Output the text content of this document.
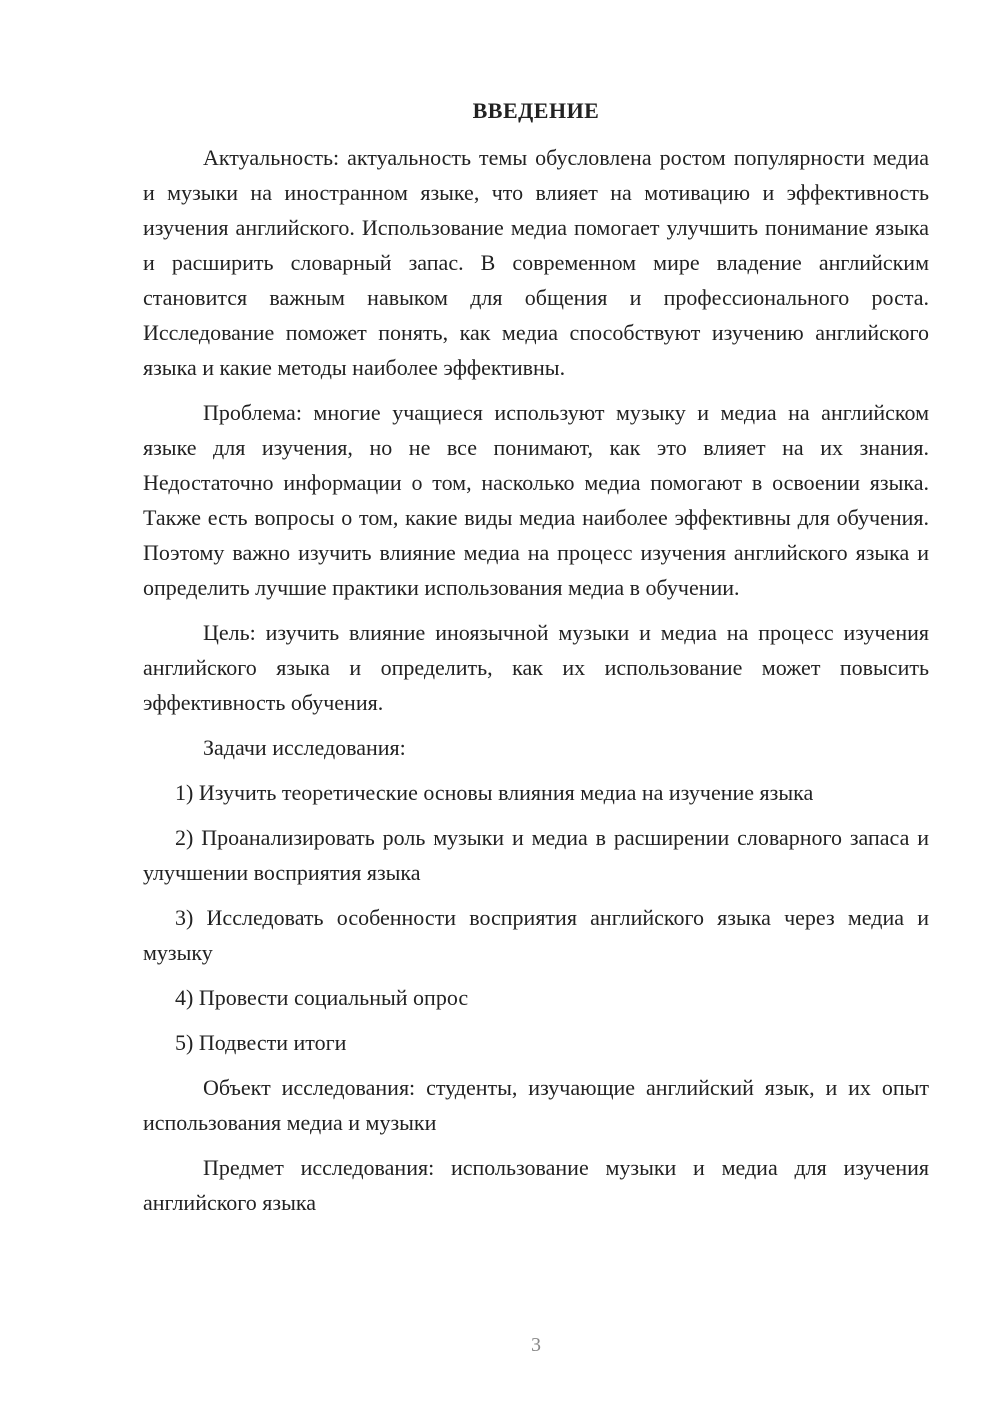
ВВЕДЕНИЕ

Актуальность: актуальность темы обусловлена ростом популярности медиа и музыки на иностранном языке, что влияет на мотивацию и эффективность изучения английского. Использование медиа помогает улучшить понимание языка и расширить словарный запас. В современном мире владение английским становится важным навыком для общения и профессионального роста. Исследование поможет понять, как медиа способствуют изучению английского языка и какие методы наиболее эффективны.

Проблема: многие учащиеся используют музыку и медиа на английском языке для изучения, но не все понимают, как это влияет на их знания. Недостаточно информации о том, насколько медиа помогают в освоении языка. Также есть вопросы о том, какие виды медиа наиболее эффективны для обучения. Поэтому важно изучить влияние медиа на процесс изучения английского языка и определить лучшие практики использования медиа в обучении.

Цель: изучить влияние иноязычной музыки и медиа на процесс изучения английского языка и определить, как их использование может повысить эффективность обучения.

Задачи исследования:

1) Изучить теоретические основы влияния медиа на изучение языка

2) Проанализировать роль музыки и медиа в расширении словарного запаса и улучшении восприятия языка

3) Исследовать особенности восприятия английского языка через медиа и музыку

4) Провести социальный опрос

5) Подвести итоги

Объект исследования: студенты, изучающие английский язык, и их опыт использования медиа и музыки

Предмет исследования: использование музыки и медиа для изучения английского языка

3
